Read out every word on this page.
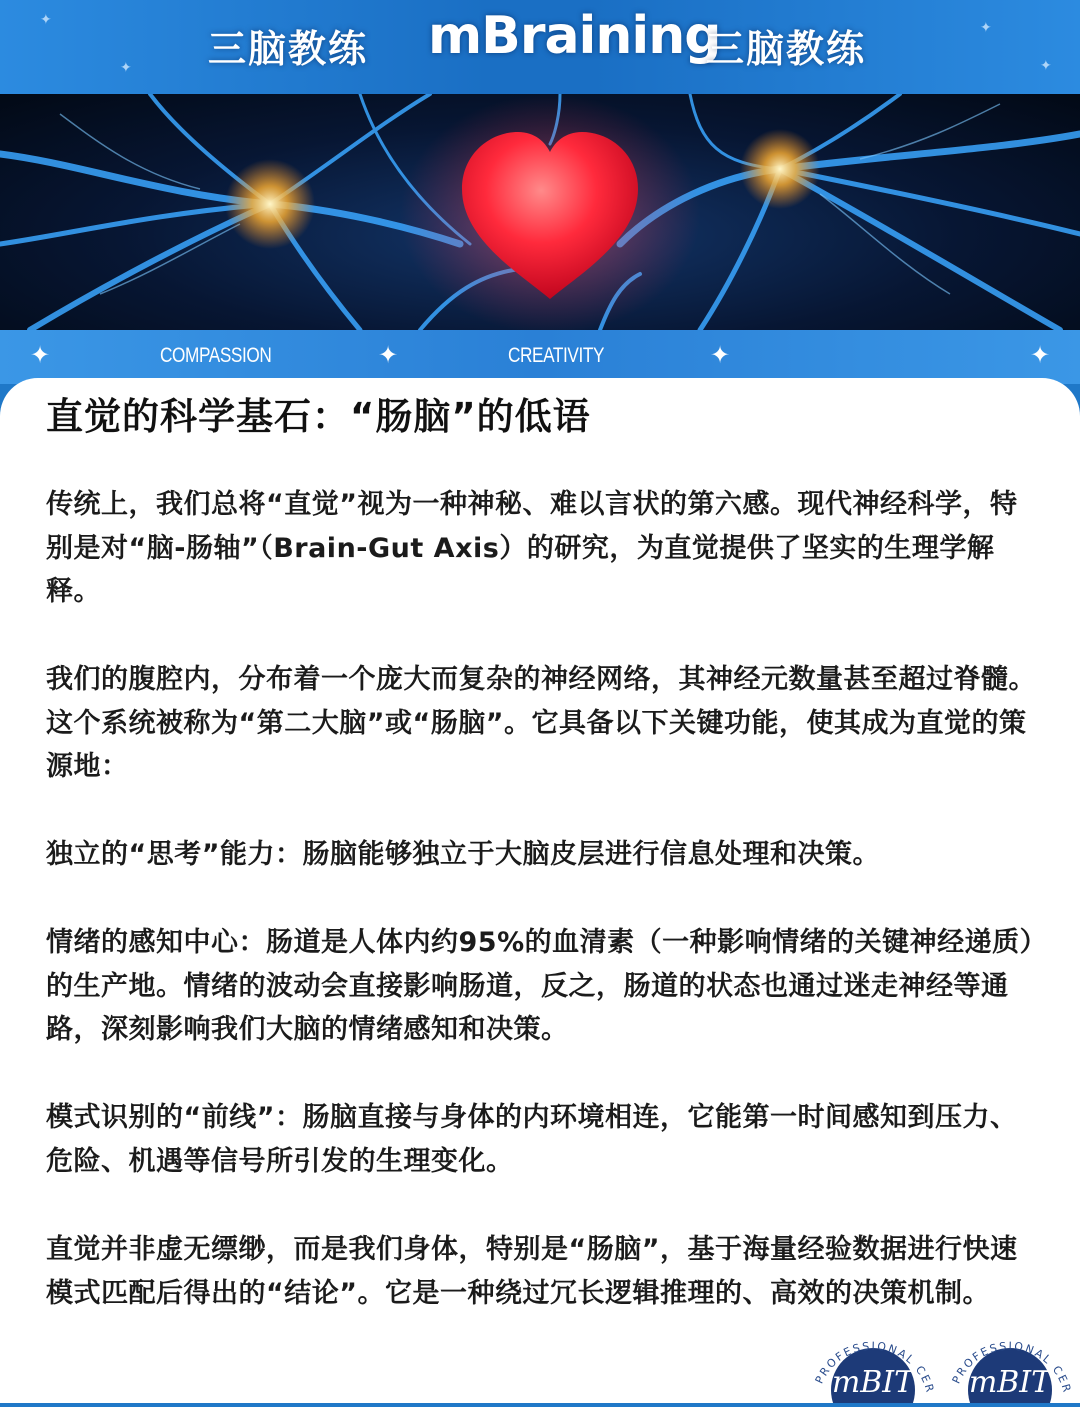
✦
✦
✦
✦
三脑教练 mBraining
三脑教练
✦	COMPASSION	✦	CREATIVITY	✦	✦
直觉的科学基石：“肠脑”的低语
传统上，我们总将“直觉”视为一种神秘、难以言状的第六感。现代神经科学，特别是对“脑-肠轴”（Brain-Gut Axis）的研究，为直觉提供了坚实的生理学解释。
我们的腹腔内，分布着一个庞大而复杂的神经网络，其神经元数量甚至超过脊髓。这个系统被称为“第二大脑”或“肠脑”。它具备以下关键功能，使其成为直觉的策源地：
独立的“思考”能力：肠脑能够独立于大脑皮层进行信息处理和决策。
情绪的感知中心：肠道是人体内约95%的血清素（一种影响情绪的关键神经递质）的生产地。情绪的波动会直接影响肠道，反之，肠道的状态也通过迷走神经等通路，深刻影响我们大脑的情绪感知和决策。
模式识别的“前线”：肠脑直接与身体的内环境相连，它能第一时间感知到压力、危险、机遇等信号所引发的生理变化。
直觉并非虚无缥缈，而是我们身体，特别是“肠脑”，基于海量经验数据进行快速模式匹配后得出的“结论”。它是一种绕过冗长逻辑推理的、高效的决策机制。
PROFESSIONAL CER
mBIT	PROFESSIONAL CER
mBIT
